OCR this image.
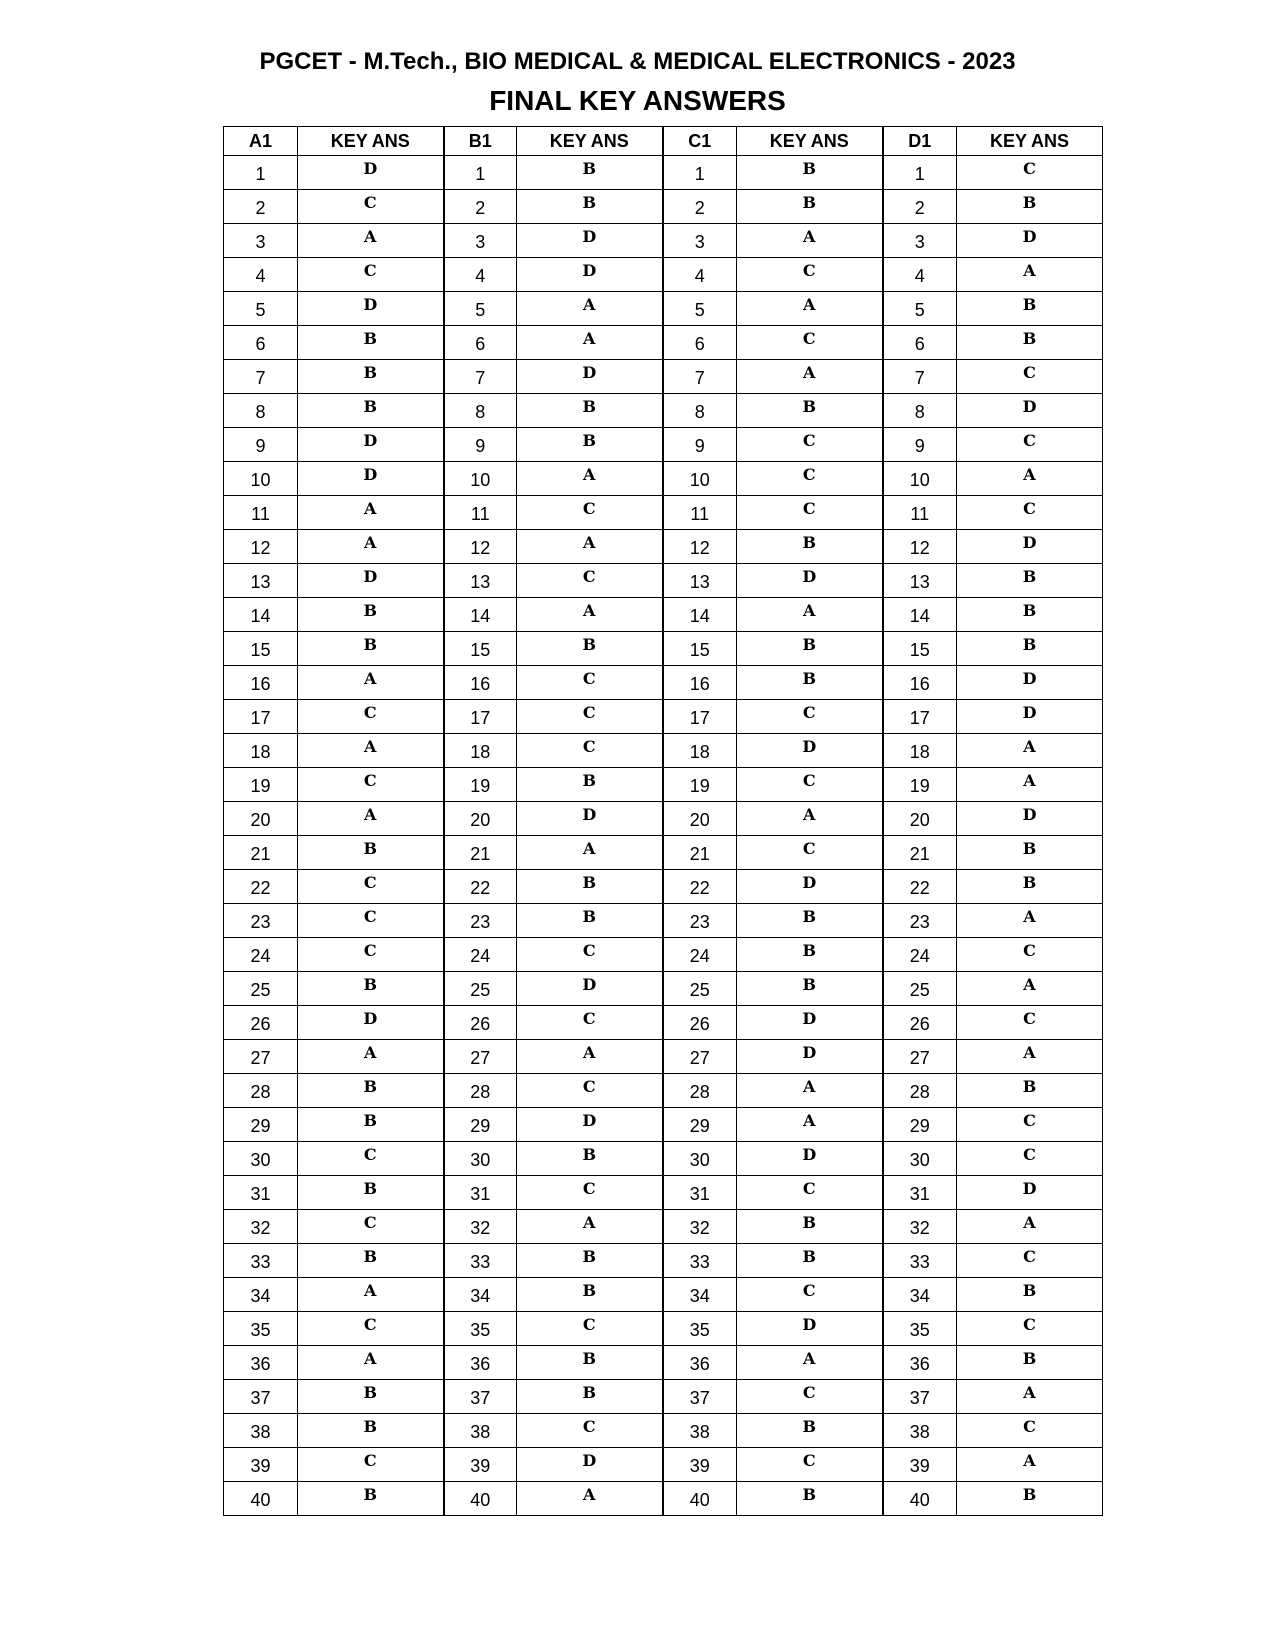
PGCET - M.Tech., BIO MEDICAL & MEDICAL ELECTRONICS - 2023
FINAL KEY ANSWERS
A1	KEY ANS	B1	KEY ANS	C1	KEY ANS	D1	KEY ANS
1	D	1	B	1	B	1	C
2	C	2	B	2	B	2	B
3	A	3	D	3	A	3	D
4	C	4	D	4	C	4	A
5	D	5	A	5	A	5	B
6	B	6	A	6	C	6	B
7	B	7	D	7	A	7	C
8	B	8	B	8	B	8	D
9	D	9	B	9	C	9	C
10	D	10	A	10	C	10	A
11	A	11	C	11	C	11	C
12	A	12	A	12	B	12	D
13	D	13	C	13	D	13	B
14	B	14	A	14	A	14	B
15	B	15	B	15	B	15	B
16	A	16	C	16	B	16	D
17	C	17	C	17	C	17	D
18	A	18	C	18	D	18	A
19	C	19	B	19	C	19	A
20	A	20	D	20	A	20	D
21	B	21	A	21	C	21	B
22	C	22	B	22	D	22	B
23	C	23	B	23	B	23	A
24	C	24	C	24	B	24	C
25	B	25	D	25	B	25	A
26	D	26	C	26	D	26	C
27	A	27	A	27	D	27	A
28	B	28	C	28	A	28	B
29	B	29	D	29	A	29	C
30	C	30	B	30	D	30	C
31	B	31	C	31	C	31	D
32	C	32	A	32	B	32	A
33	B	33	B	33	B	33	C
34	A	34	B	34	C	34	B
35	C	35	C	35	D	35	C
36	A	36	B	36	A	36	B
37	B	37	B	37	C	37	A
38	B	38	C	38	B	38	C
39	C	39	D	39	C	39	A
40	B	40	A	40	B	40	B
